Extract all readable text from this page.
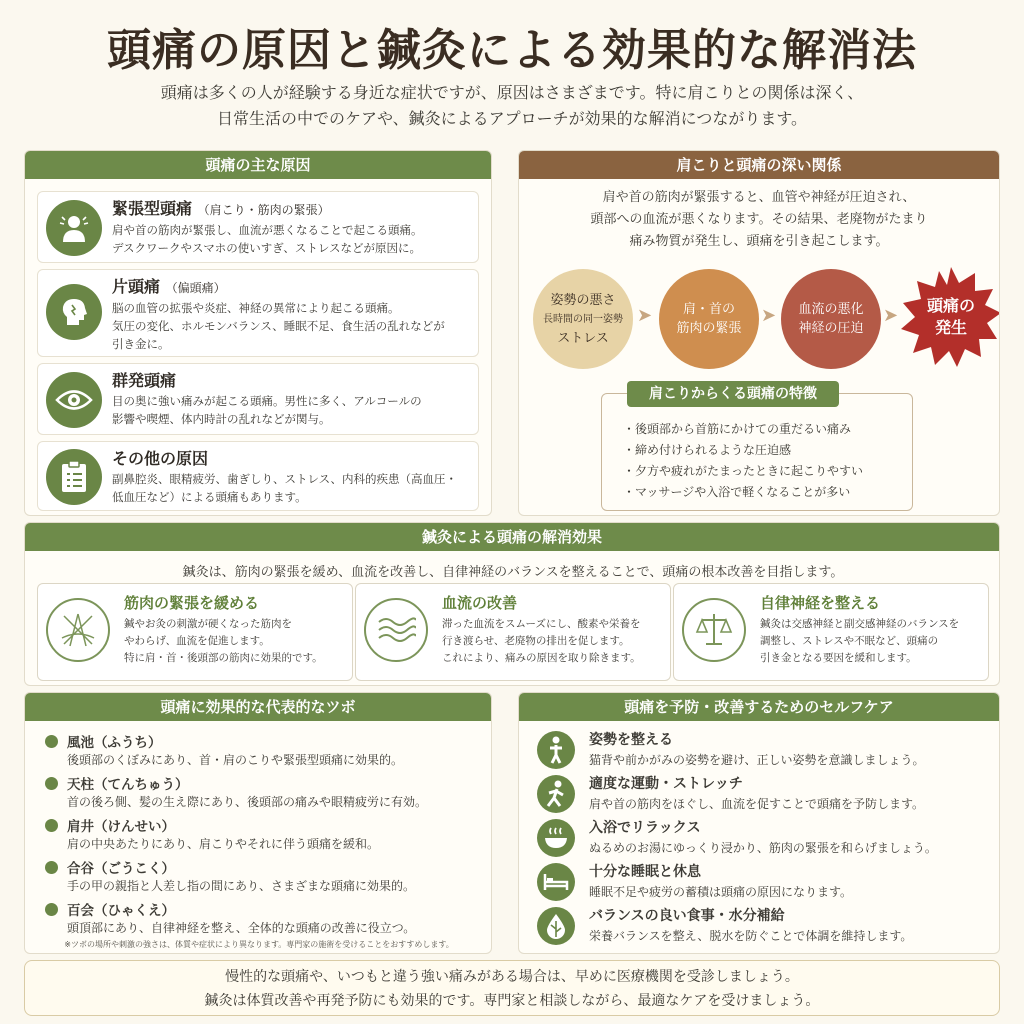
頭痛の原因と鍼灸による効果的な解消法
頭痛は多くの人が経験する身近な症状ですが、原因はさまざまです。特に肩こりとの関係は深く、
日常生活の中でのケアや、鍼灸によるアプローチが効果的な解消につながります。
頭痛の主な原因
緊張型頭痛 （肩こり・筋肉の緊張）
肩や首の筋肉が緊張し、血流が悪くなることで起こる頭痛。
デスクワークやスマホの使いすぎ、ストレスなどが原因に。
片頭痛 （偏頭痛）
脳の血管の拡張や炎症、神経の異常により起こる頭痛。
気圧の変化、ホルモンバランス、睡眠不足、食生活の乱れなどが
引き金に。
群発頭痛
目の奥に強い痛みが起こる頭痛。男性に多く、アルコールの
影響や喫煙、体内時計の乱れなどが関与。
その他の原因
副鼻腔炎、眼精疲労、歯ぎしり、ストレス、内科的疾患（高血圧・
低血圧など）による頭痛もあります。
肩こりと頭痛の深い関係
肩や首の筋肉が緊張すると、血管や神経が圧迫され、
頭部への血流が悪くなります。その結果、老廃物がたまり
痛み物質が発生し、頭痛を引き起こします。
姿勢の悪さ
長時間の同一姿勢
ストレス
➤ 肩・首の
筋肉の緊張
➤ 血流の悪化
神経の圧迫
➤ 頭痛の
発生
肩こりからくる頭痛の特徴
・後頭部から首筋にかけての重だるい痛み
・締め付けられるような圧迫感
・夕方や疲れがたまったときに起こりやすい
・マッサージや入浴で軽くなることが多い
鍼灸による頭痛の解消効果
鍼灸は、筋肉の緊張を緩め、血流を改善し、自律神経のバランスを整えることで、頭痛の根本改善を目指します。
筋肉の緊張を緩める
鍼やお灸の刺激が硬くなった筋肉を
やわらげ、血流を促進します。
特に肩・首・後頭部の筋肉に効果的です。
血流の改善
滞った血流をスムーズにし、酸素や栄養を
行き渡らせ、老廃物の排出を促します。
これにより、痛みの原因を取り除きます。
自律神経を整える
鍼灸は交感神経と副交感神経のバランスを
調整し、ストレスや不眠など、頭痛の
引き金となる要因を緩和します。
頭痛に効果的な代表的なツボ
風池（ふうち）
後頭部のくぼみにあり、首・肩のこりや緊張型頭痛に効果的。
天柱（てんちゅう）
首の後ろ側、髪の生え際にあり、後頭部の痛みや眼精疲労に有効。
肩井（けんせい）
肩の中央あたりにあり、肩こりやそれに伴う頭痛を緩和。
合谷（ごうこく）
手の甲の親指と人差し指の間にあり、さまざまな頭痛に効果的。
百会（ひゃくえ）
頭頂部にあり、自律神経を整え、全体的な頭痛の改善に役立つ。
※ツボの場所や刺激の強さは、体質や症状により異なります。専門家の施術を受けることをおすすめします。
頭痛を予防・改善するためのセルフケア
姿勢を整える
猫背や前かがみの姿勢を避け、正しい姿勢を意識しましょう。
適度な運動・ストレッチ
肩や首の筋肉をほぐし、血流を促すことで頭痛を予防します。
入浴でリラックス
ぬるめのお湯にゆっくり浸かり、筋肉の緊張を和らげましょう。
十分な睡眠と休息
睡眠不足や疲労の蓄積は頭痛の原因になります。
バランスの良い食事・水分補給
栄養バランスを整え、脱水を防ぐことで体調を維持します。
慢性的な頭痛や、いつもと違う強い痛みがある場合は、早めに医療機関を受診しましょう。
鍼灸は体質改善や再発予防にも効果的です。専門家と相談しながら、最適なケアを受けましょう。
